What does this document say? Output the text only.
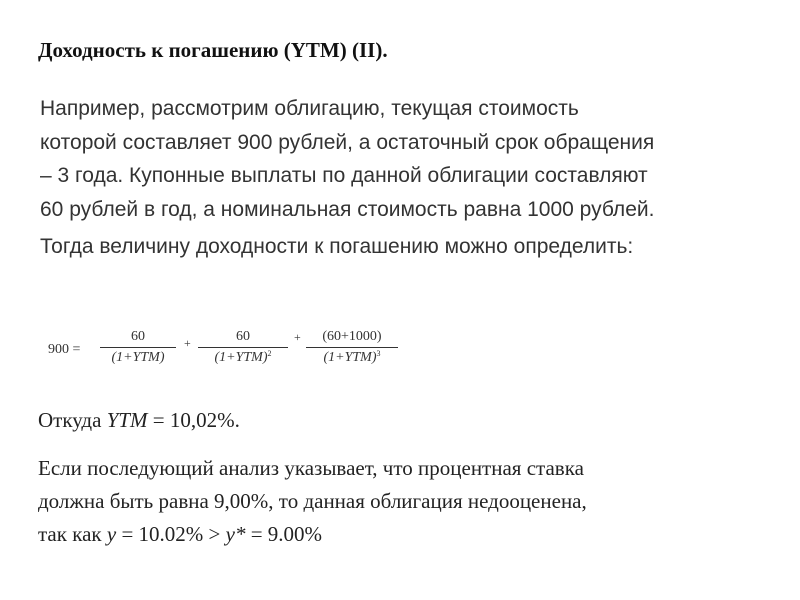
Доходность к погашению (YTM) (II).
Например, рассмотрим облигацию, текущая стоимость
которой составляет 900 рублей, а остаточный срок обращения
– 3 года. Купонные выплаты по данной облигации составляют
60 рублей в год, а номинальная стоимость равна 1000 рублей.
Тогда величину доходности к погашению можно определить:
900 =
60
(1+YTM)
+	60
$(1+YTM)^2$
+	(60+1000)
$(1+YTM)^3$
Откуда YTM = 10,02%.
Если последующий анализ указывает, что процентная ставка
должна быть равна 9,00%, то данная облигация недооценена,
так как y = 10.02% > y* = 9.00%
